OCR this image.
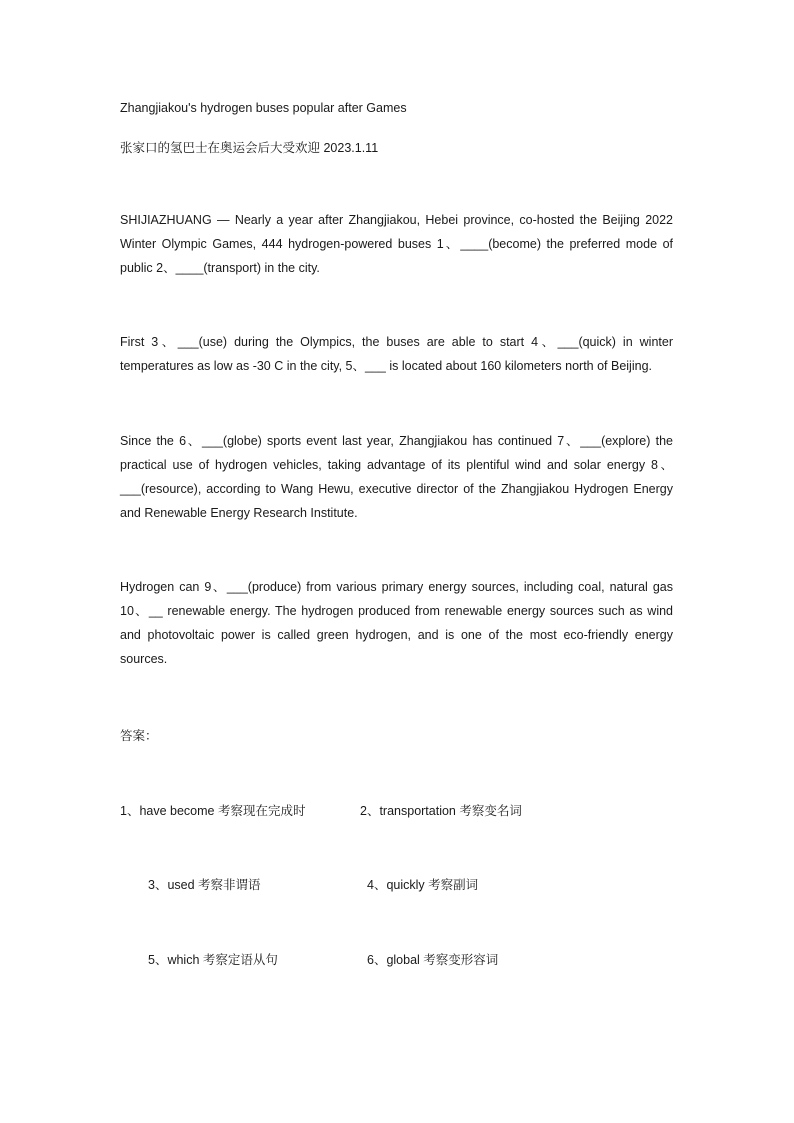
Zhangjiakou's hydrogen buses popular after Games
张家口的氢巴士在奥运会后大受欢迎 2023.1.11
SHIJIAZHUANG — Nearly a year after Zhangjiakou, Hebei province, co-hosted the Beijing 2022 Winter Olympic Games, 444 hydrogen-powered buses 1、____(become) the preferred mode of public 2、____(transport) in the city.
First 3、___(use) during the Olympics, the buses are able to start 4、___(quick) in winter temperatures as low as -30 C in the city, 5、___ is located about 160 kilometers north of Beijing.
Since the 6、___(globe) sports event last year, Zhangjiakou has continued 7、___(explore) the practical use of hydrogen vehicles, taking advantage of its plentiful wind and solar energy 8、___(resource), according to Wang Hewu, executive director of the Zhangjiakou Hydrogen Energy and Renewable Energy Research Institute.
Hydrogen can 9、___(produce) from various primary energy sources, including coal, natural gas 10、__ renewable energy. The hydrogen produced from renewable energy sources such as wind and photovoltaic power is called green hydrogen, and is one of the most eco-friendly energy sources.
答案：
1、have become 考察现在完成时	2、transportation 考察变名词
3、used 考察非谓语	4、quickly 考察副词
5、which 考察定语从句	6、global 考察变形容词
